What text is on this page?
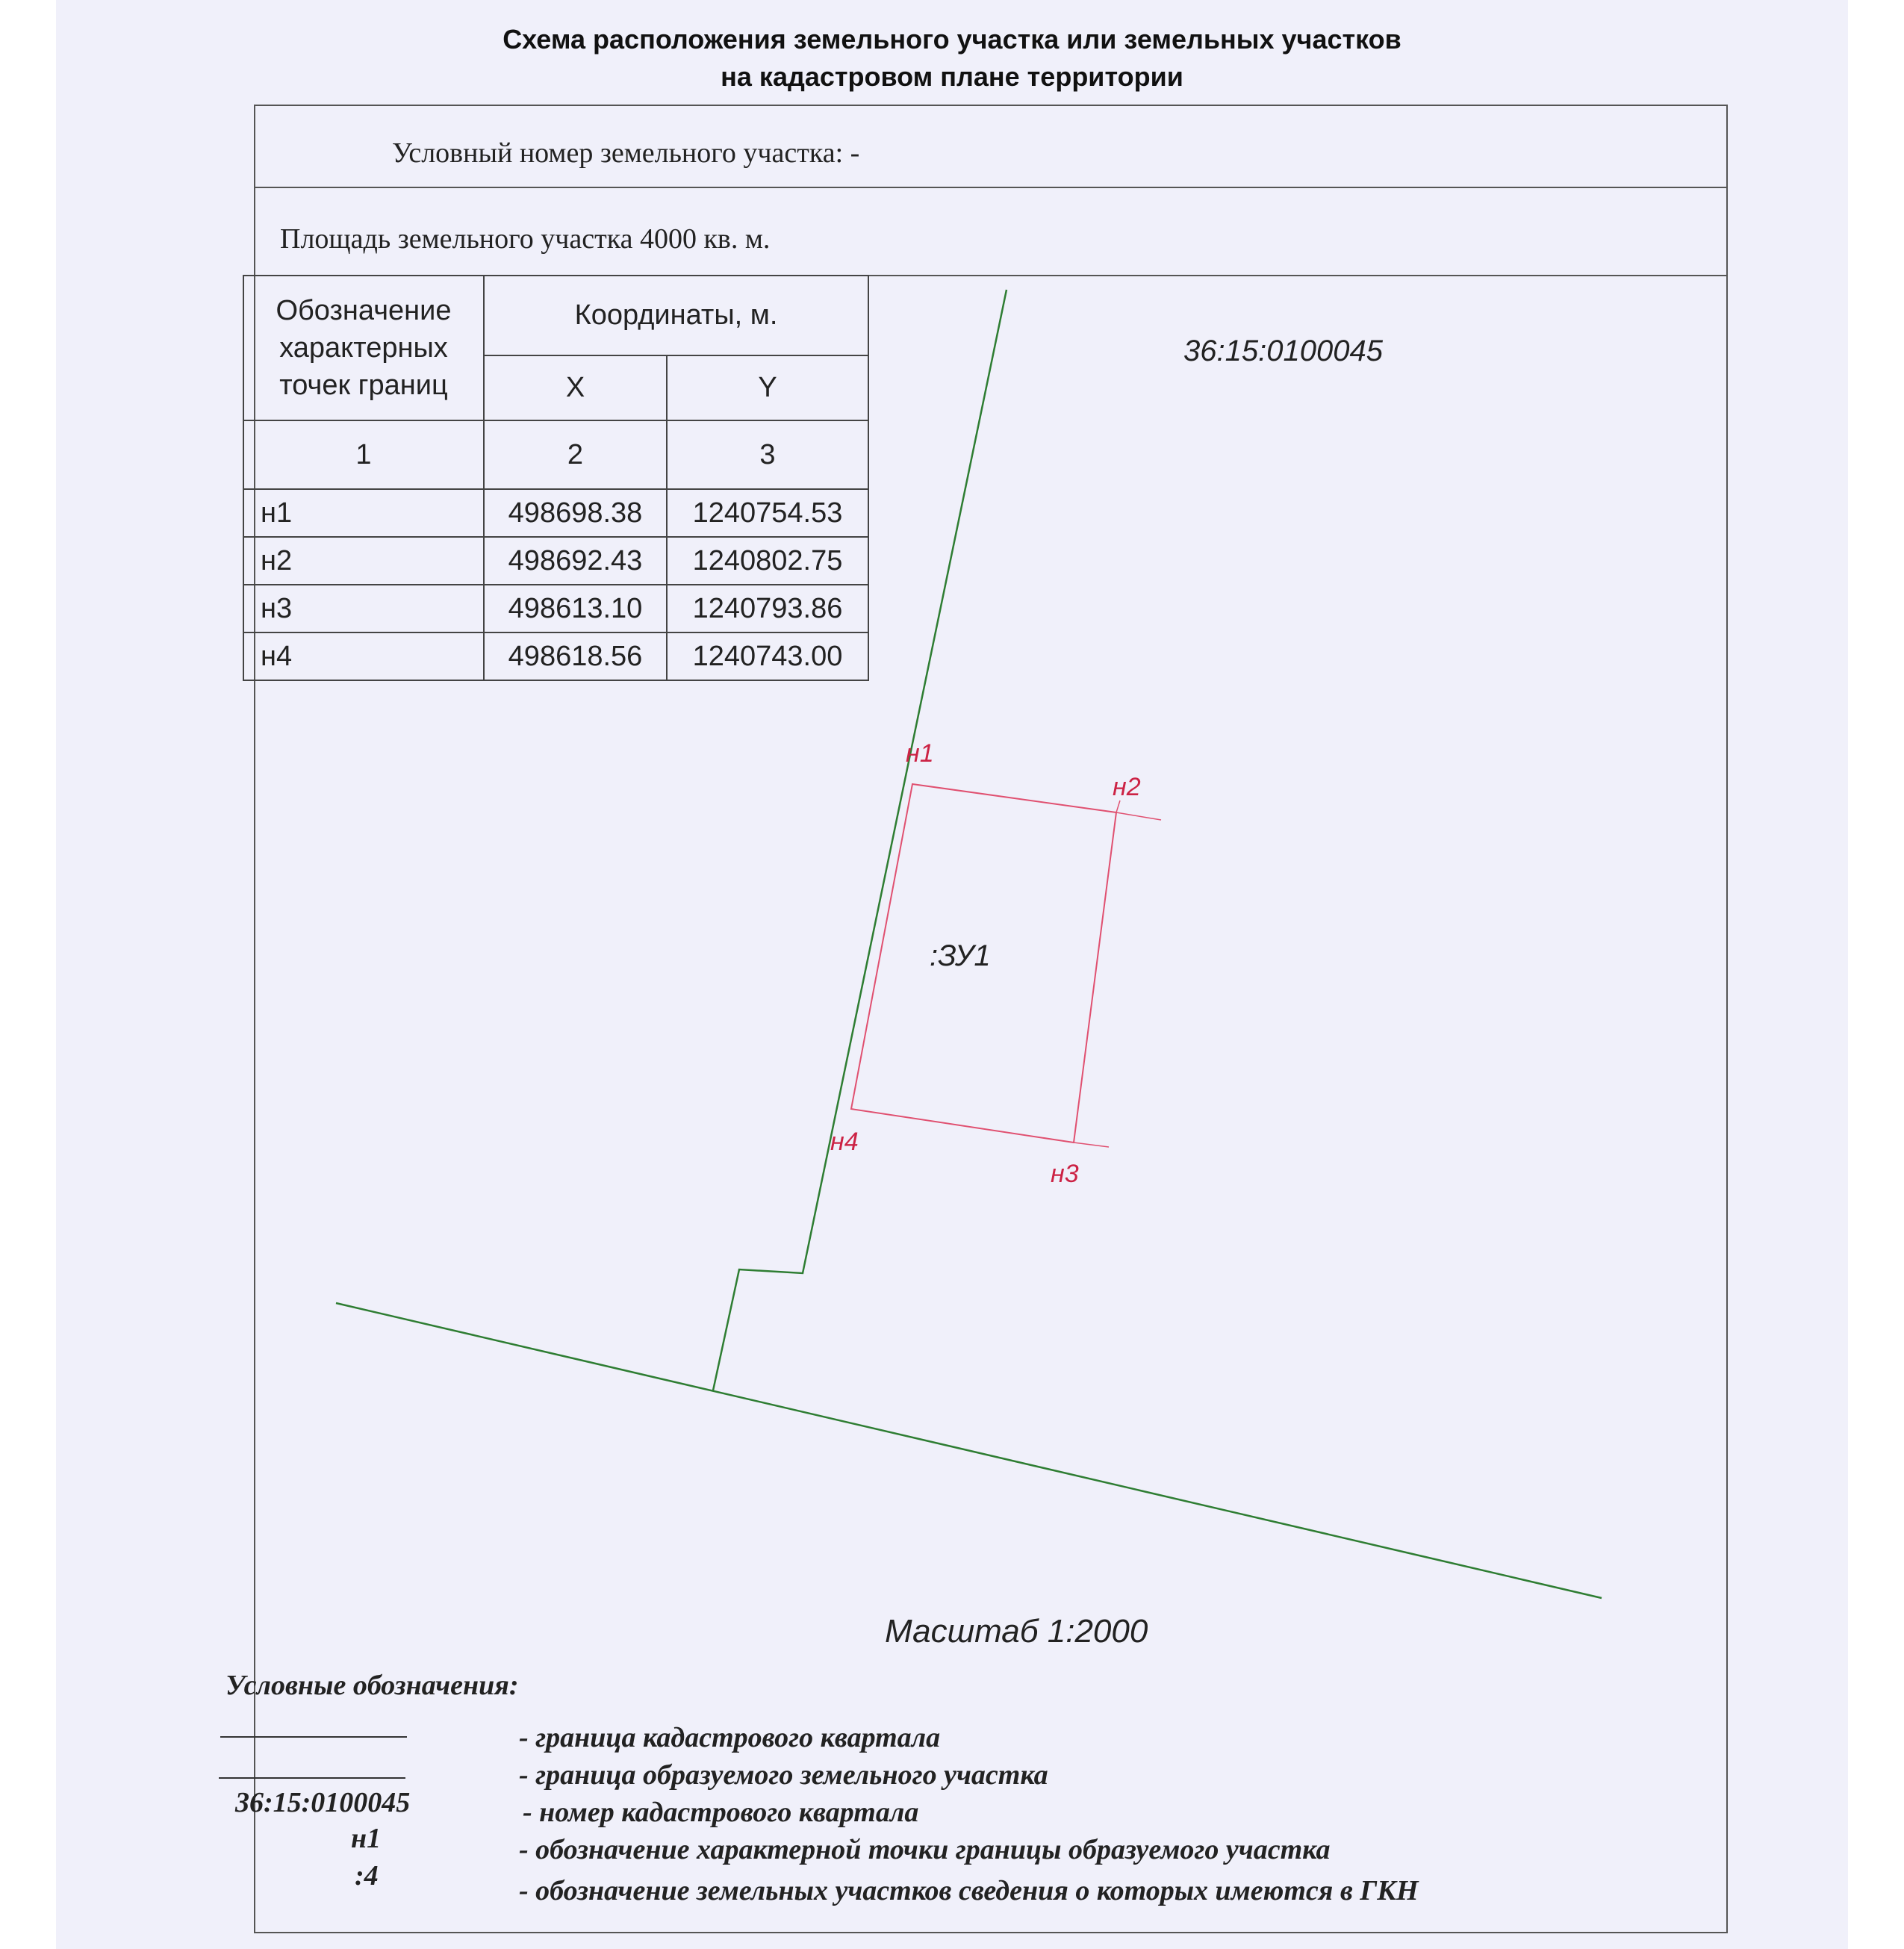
Схема расположения земельного участка или земельных участков
на кадастровом плане территории
Условный номер земельного участка: -
Площадь земельного участка 4000 кв. м.
Обозначение характерных точек границ	Координаты, м.	
	X	Y
1	2	3
н1	498698.38	1240754.53
н2	498692.43	1240802.75
н3	498613.10	1240793.86
н4	498618.56	1240743.00
36:15:0100045
:ЗУ1
н1
н2
н3
н4
Масштаб 1:2000
Условные обозначения:
- граница кадастрового квартала
- граница образуемого земельного участка
36:15:0100045	- номер кадастрового квартала
н1	- обозначение характерной точки границы образуемого участка
:4	- обозначение земельных участков сведения о которых имеются в ГКН
